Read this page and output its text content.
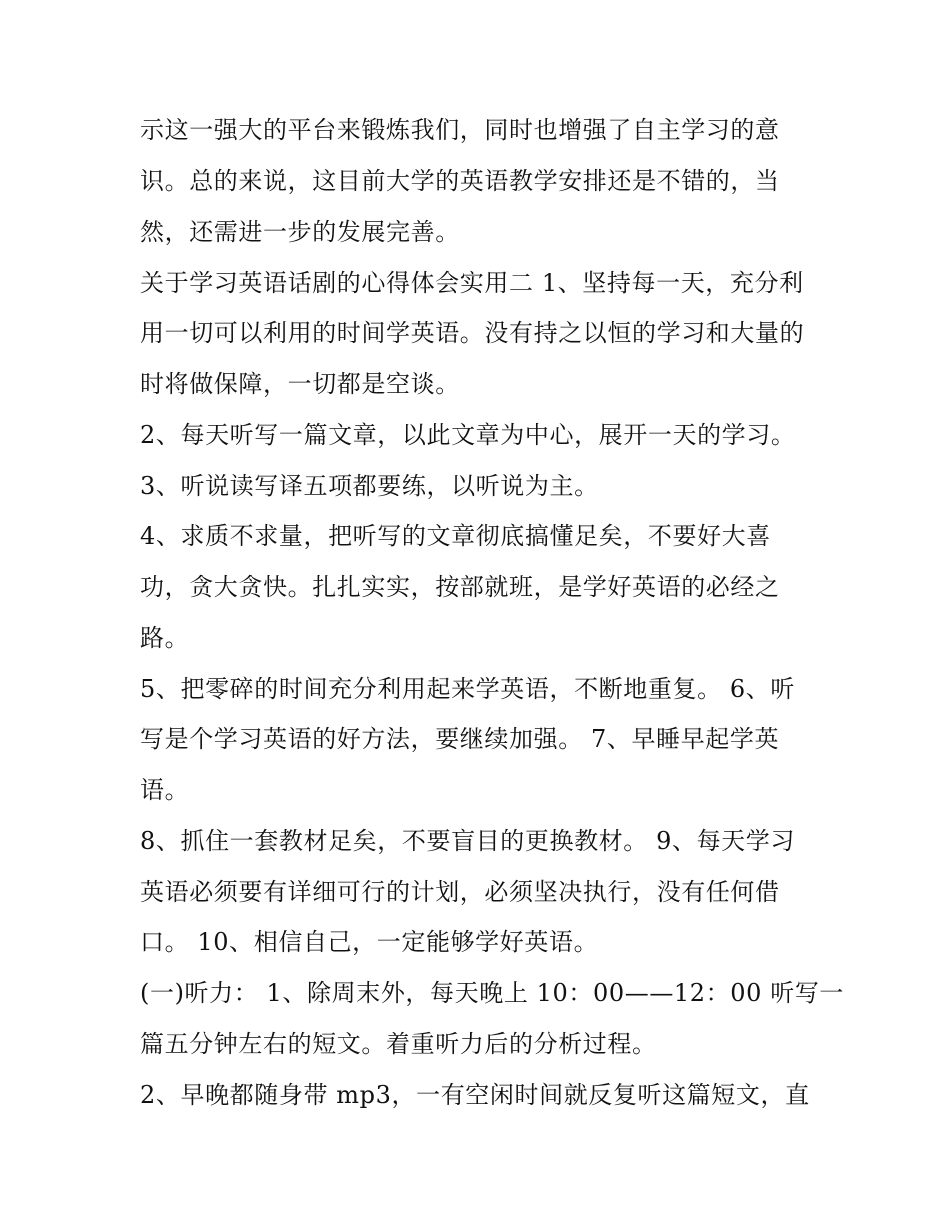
示这一强大的平台来锻炼我们，同时也增强了自主学习的意
识。总的来说，这目前大学的英语教学安排还是不错的，当
然，还需进一步的发展完善。
关于学习英语话剧的心得体会实用二 1、坚持每一天，充分利
用一切可以利用的时间学英语。没有持之以恒的学习和大量的
时将做保障，一切都是空谈。
2、每天听写一篇文章，以此文章为中心，展开一天的学习。
3、听说读写译五项都要练，以听说为主。
4、求质不求量，把听写的文章彻底搞懂足矣，不要好大喜
功，贪大贪快。扎扎实实，按部就班，是学好英语的必经之
路。
5、把零碎的时间充分利用起来学英语，不断地重复。 6、听
写是个学习英语的好方法，要继续加强。 7、早睡早起学英
语。
8、抓住一套教材足矣，不要盲目的更换教材。 9、每天学习
英语必须要有详细可行的计划，必须坚决执行，没有任何借
口。 10、相信自己，一定能够学好英语。
(一)听力： 1、除周末外，每天晚上 10：00——12：00 听写一
篇五分钟左右的短文。着重听力后的分析过程。
2、早晚都随身带 mp3，一有空闲时间就反复听这篇短文，直
